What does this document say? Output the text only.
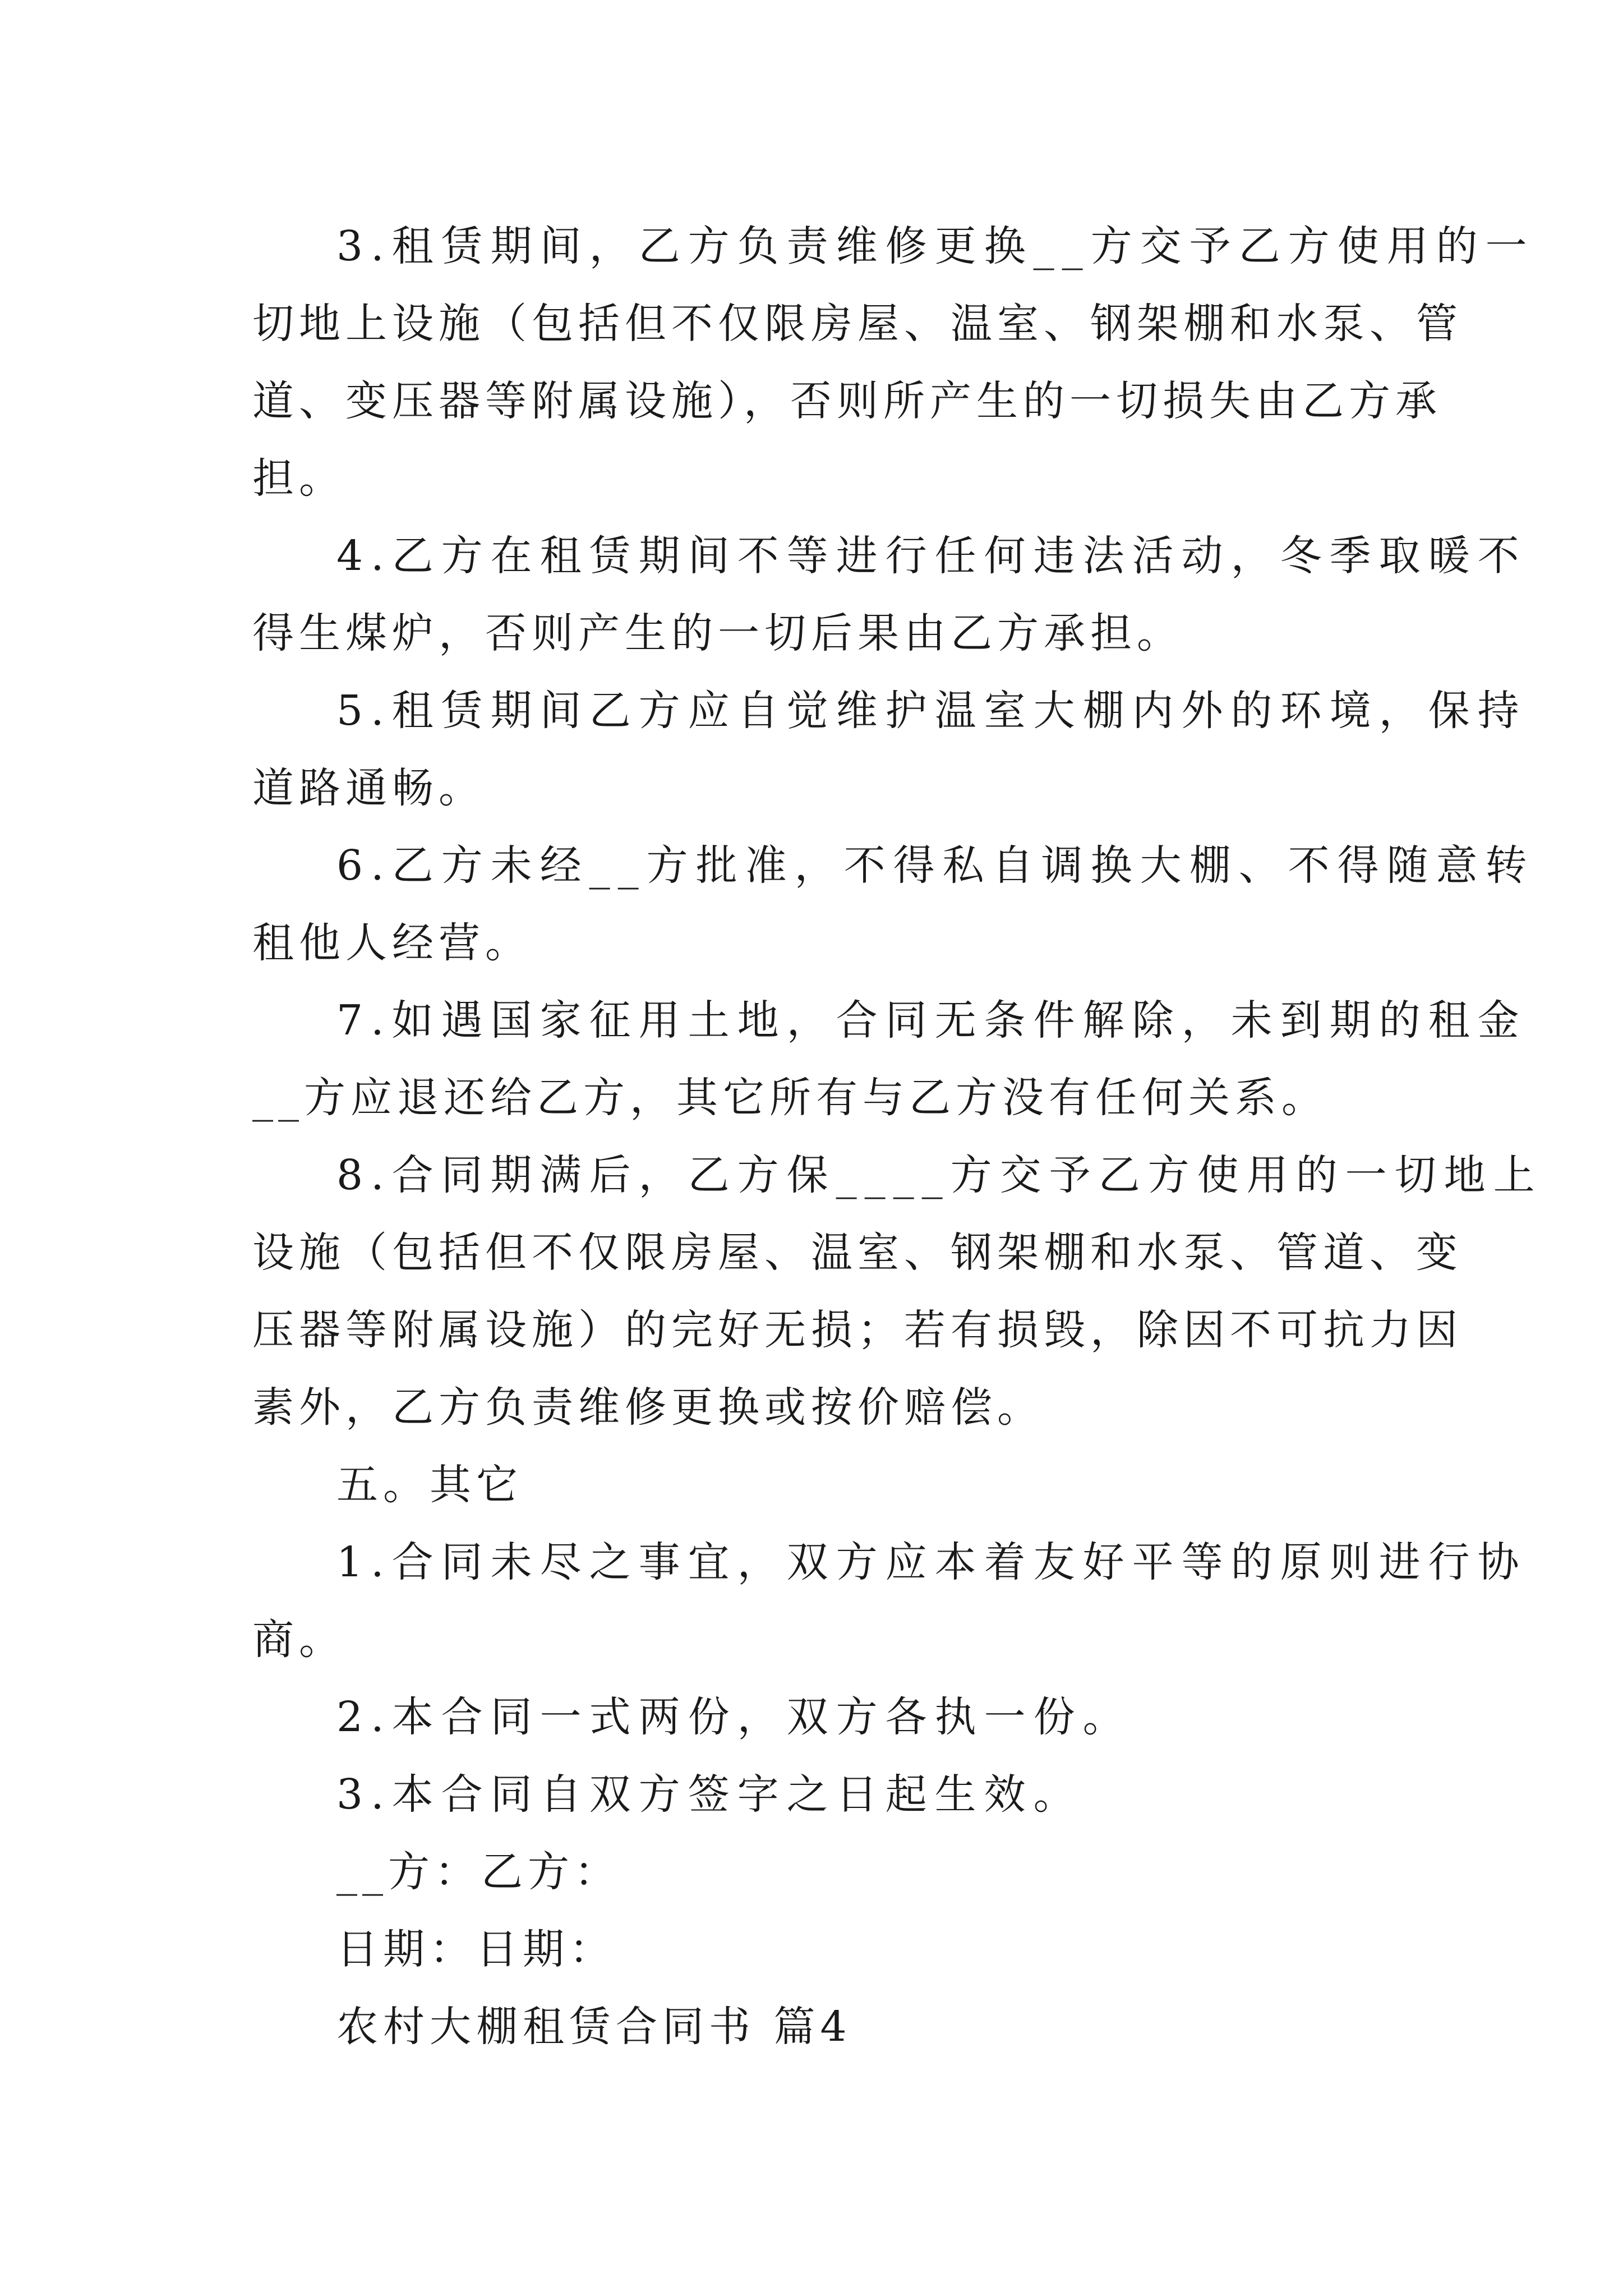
3.租赁期间，乙方负责维修更换__方交予乙方使用的一
切地上设施（包括但不仅限房屋、温室、钢架棚和水泵、管
道、变压器等附属设施），否则所产生的一切损失由乙方承
担。
4.乙方在租赁期间不等进行任何违法活动，冬季取暖不
得生煤炉，否则产生的一切后果由乙方承担。
5.租赁期间乙方应自觉维护温室大棚内外的环境，保持
道路通畅。
6.乙方未经__方批准，不得私自调换大棚、不得随意转
租他人经营。
7.如遇国家征用土地，合同无条件解除，未到期的租金
__方应退还给乙方，其它所有与乙方没有任何关系。
8.合同期满后，乙方保____方交予乙方使用的一切地上
设施（包括但不仅限房屋、温室、钢架棚和水泵、管道、变
压器等附属设施）的完好无损；若有损毁，除因不可抗力因
素外，乙方负责维修更换或按价赔偿。
五。其它
1.合同未尽之事宜，双方应本着友好平等的原则进行协
商。
2.本合同一式两份，双方各执一份。
3.本合同自双方签字之日起生效。
__方：乙方：
日期：日期：
农村大棚租赁合同书 篇4
